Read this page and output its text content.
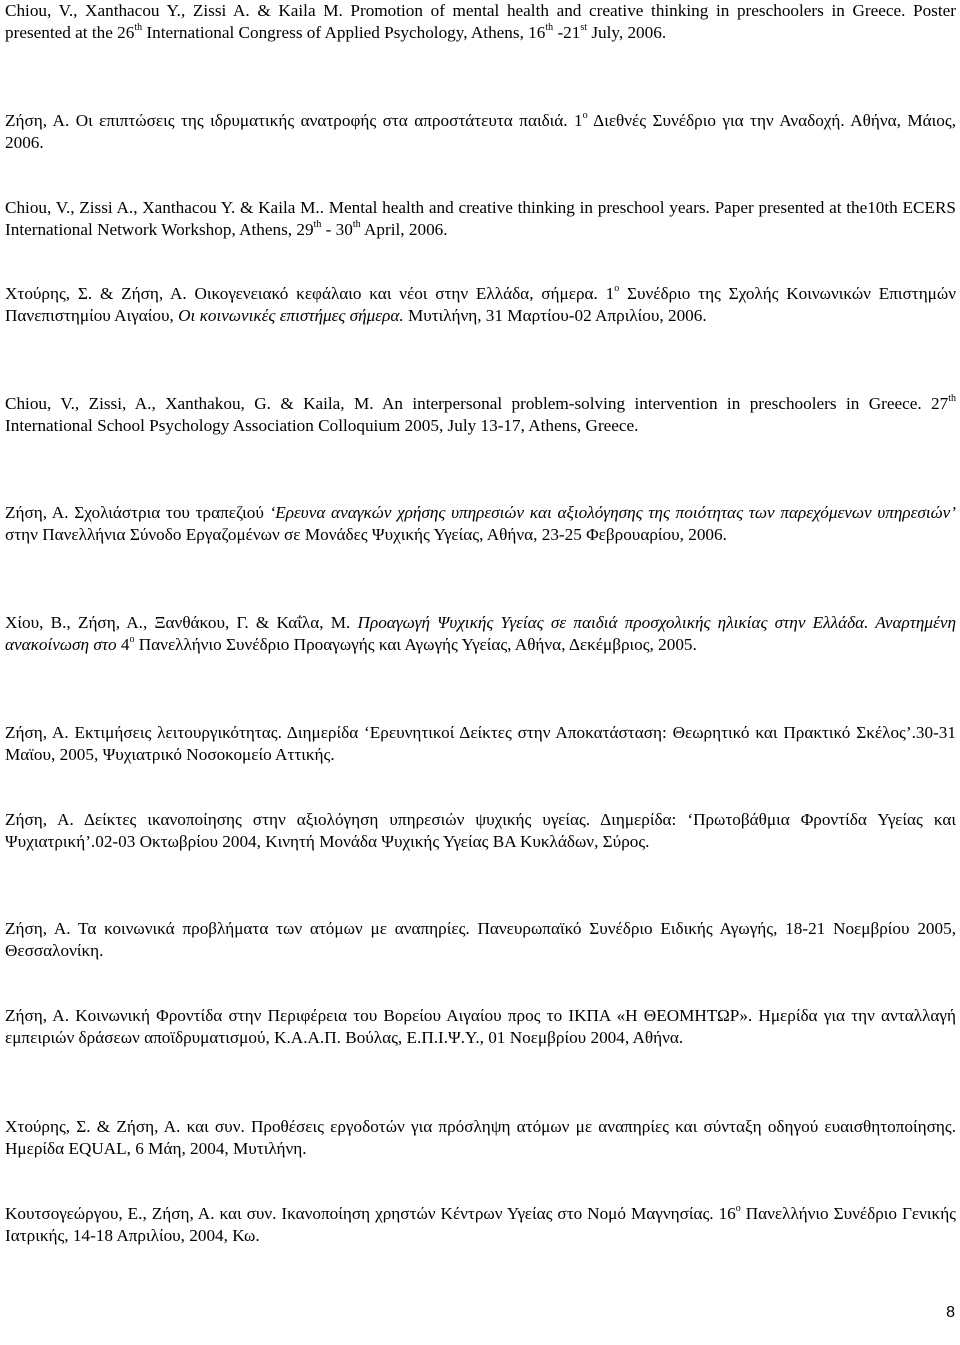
Chiou, V., Xanthacou Y., Zissi A. & Kaila M. Promotion of mental health and creative thinking in preschoolers in Greece. Poster presented at the 26th International Congress of Applied Psychology, Athens, 16th -21st July, 2006.

Ζήση, Α. Οι επιπτώσεις της ιδρυματικής ανατροφής στα απροστάτευτα παιδιά. $1^o$ Διεθνές Συνέδριο για την Αναδοχή. Αθήνα, Μάιος, 2006.

Chiou, V., Zissi A., Xanthacou Y. & Kaila M.. Mental health and creative thinking in preschool years. Paper presented at the10th ECERS International Network Workshop, Athens, 29th - 30th April, 2006.

Χτούρης, Σ. & Ζήση, Α. Οικογενειακό κεφάλαιο και νέοι στην Ελλάδα, σήμερα. $1^o$ Συνέδριο της Σχολής Κοινωνικών Επιστημών Πανεπιστημίου Αιγαίου, Οι κοινωνικές επιστήμες σήμερα. Μυτιλήνη, 31 Μαρτίου-02 Απριλίου, 2006.

Chiou, V., Zissi, A., Xanthakou, G. & Kaila, M. An interpersonal problem-solving intervention in preschoolers in Greece. 27th International School Psychology Association Colloquium 2005, July 13-17, Athens, Greece.

Ζήση, Α. Σχολιάστρια του τραπεζιού ‘Ερευνα αναγκών χρήσης υπηρεσιών και αξιολόγησης της ποιότητας των παρεχόμενων υπηρεσιών’ στην Πανελλήνια Σύνοδο Εργαζομένων σε Μονάδες Ψυχικής Υγείας, Αθήνα, 23-25 Φεβρουαρίου, 2006.

Χίου, Β., Ζήση, Α., Ξανθάκου, Γ. & Καΐλα, Μ. Προαγωγή Ψυχικής Υγείας σε παιδιά προσχολικής ηλικίας στην Ελλάδα. Αναρτημένη ανακοίνωση στο $4^o$ Πανελλήνιο Συνέδριο Προαγωγής και Αγωγής Υγείας, Αθήνα, Δεκέμβριος, 2005.

Ζήση, Α. Εκτιμήσεις λειτουργικότητας. Διημερίδα ‘Ερευνητικοί Δείκτες στην Αποκατάσταση: Θεωρητικό και Πρακτικό Σκέλος’.30-31 Μαϊου, 2005, Ψυχιατρικό Νοσοκομείο Αττικής.

Ζήση, Α. Δείκτες ικανοποίησης στην αξιολόγηση υπηρεσιών ψυχικής υγείας. Διημερίδα: ‘Πρωτοβάθμια Φροντίδα Υγείας και Ψυχιατρική’.02-03 Οκτωβρίου 2004, Κινητή Μονάδα Ψυχικής Υγείας ΒΑ Κυκλάδων, Σύρος.

Ζήση, Α. Τα κοινωνικά προβλήματα των ατόμων με αναπηρίες. Πανευρωπαϊκό Συνέδριο Ειδικής Αγωγής, 18-21 Νοεμβρίου 2005, Θεσσαλονίκη.

Ζήση, Α. Κοινωνική Φροντίδα στην Περιφέρεια του Βορείου Αιγαίου προς το ΙΚΠΑ «Η ΘΕΟΜΗΤΩΡ». Ημερίδα για την ανταλλαγή εμπειριών δράσεων αποϊδρυματισμού, Κ.Α.Α.Π. Βούλας, Ε.Π.Ι.Ψ.Υ., 01 Νοεμβρίου 2004, Αθήνα.

Χτούρης, Σ. & Ζήση, Α. και συν. Προθέσεις εργοδοτών για πρόσληψη ατόμων με αναπηρίες και σύνταξη οδηγού ευαισθητοποίησης. Ημερίδα EQUAL, 6 Μάη, 2004, Μυτιλήνη.

Κουτσογεώργου, Ε., Ζήση, Α. και συν. Ικανοποίηση χρηστών Κέντρων Υγείας στο Νομό Μαγνησίας. $16^o$ Πανελλήνιο Συνέδριο Γενικής Ιατρικής, 14-18 Απριλίου, 2004, Κω.

8
